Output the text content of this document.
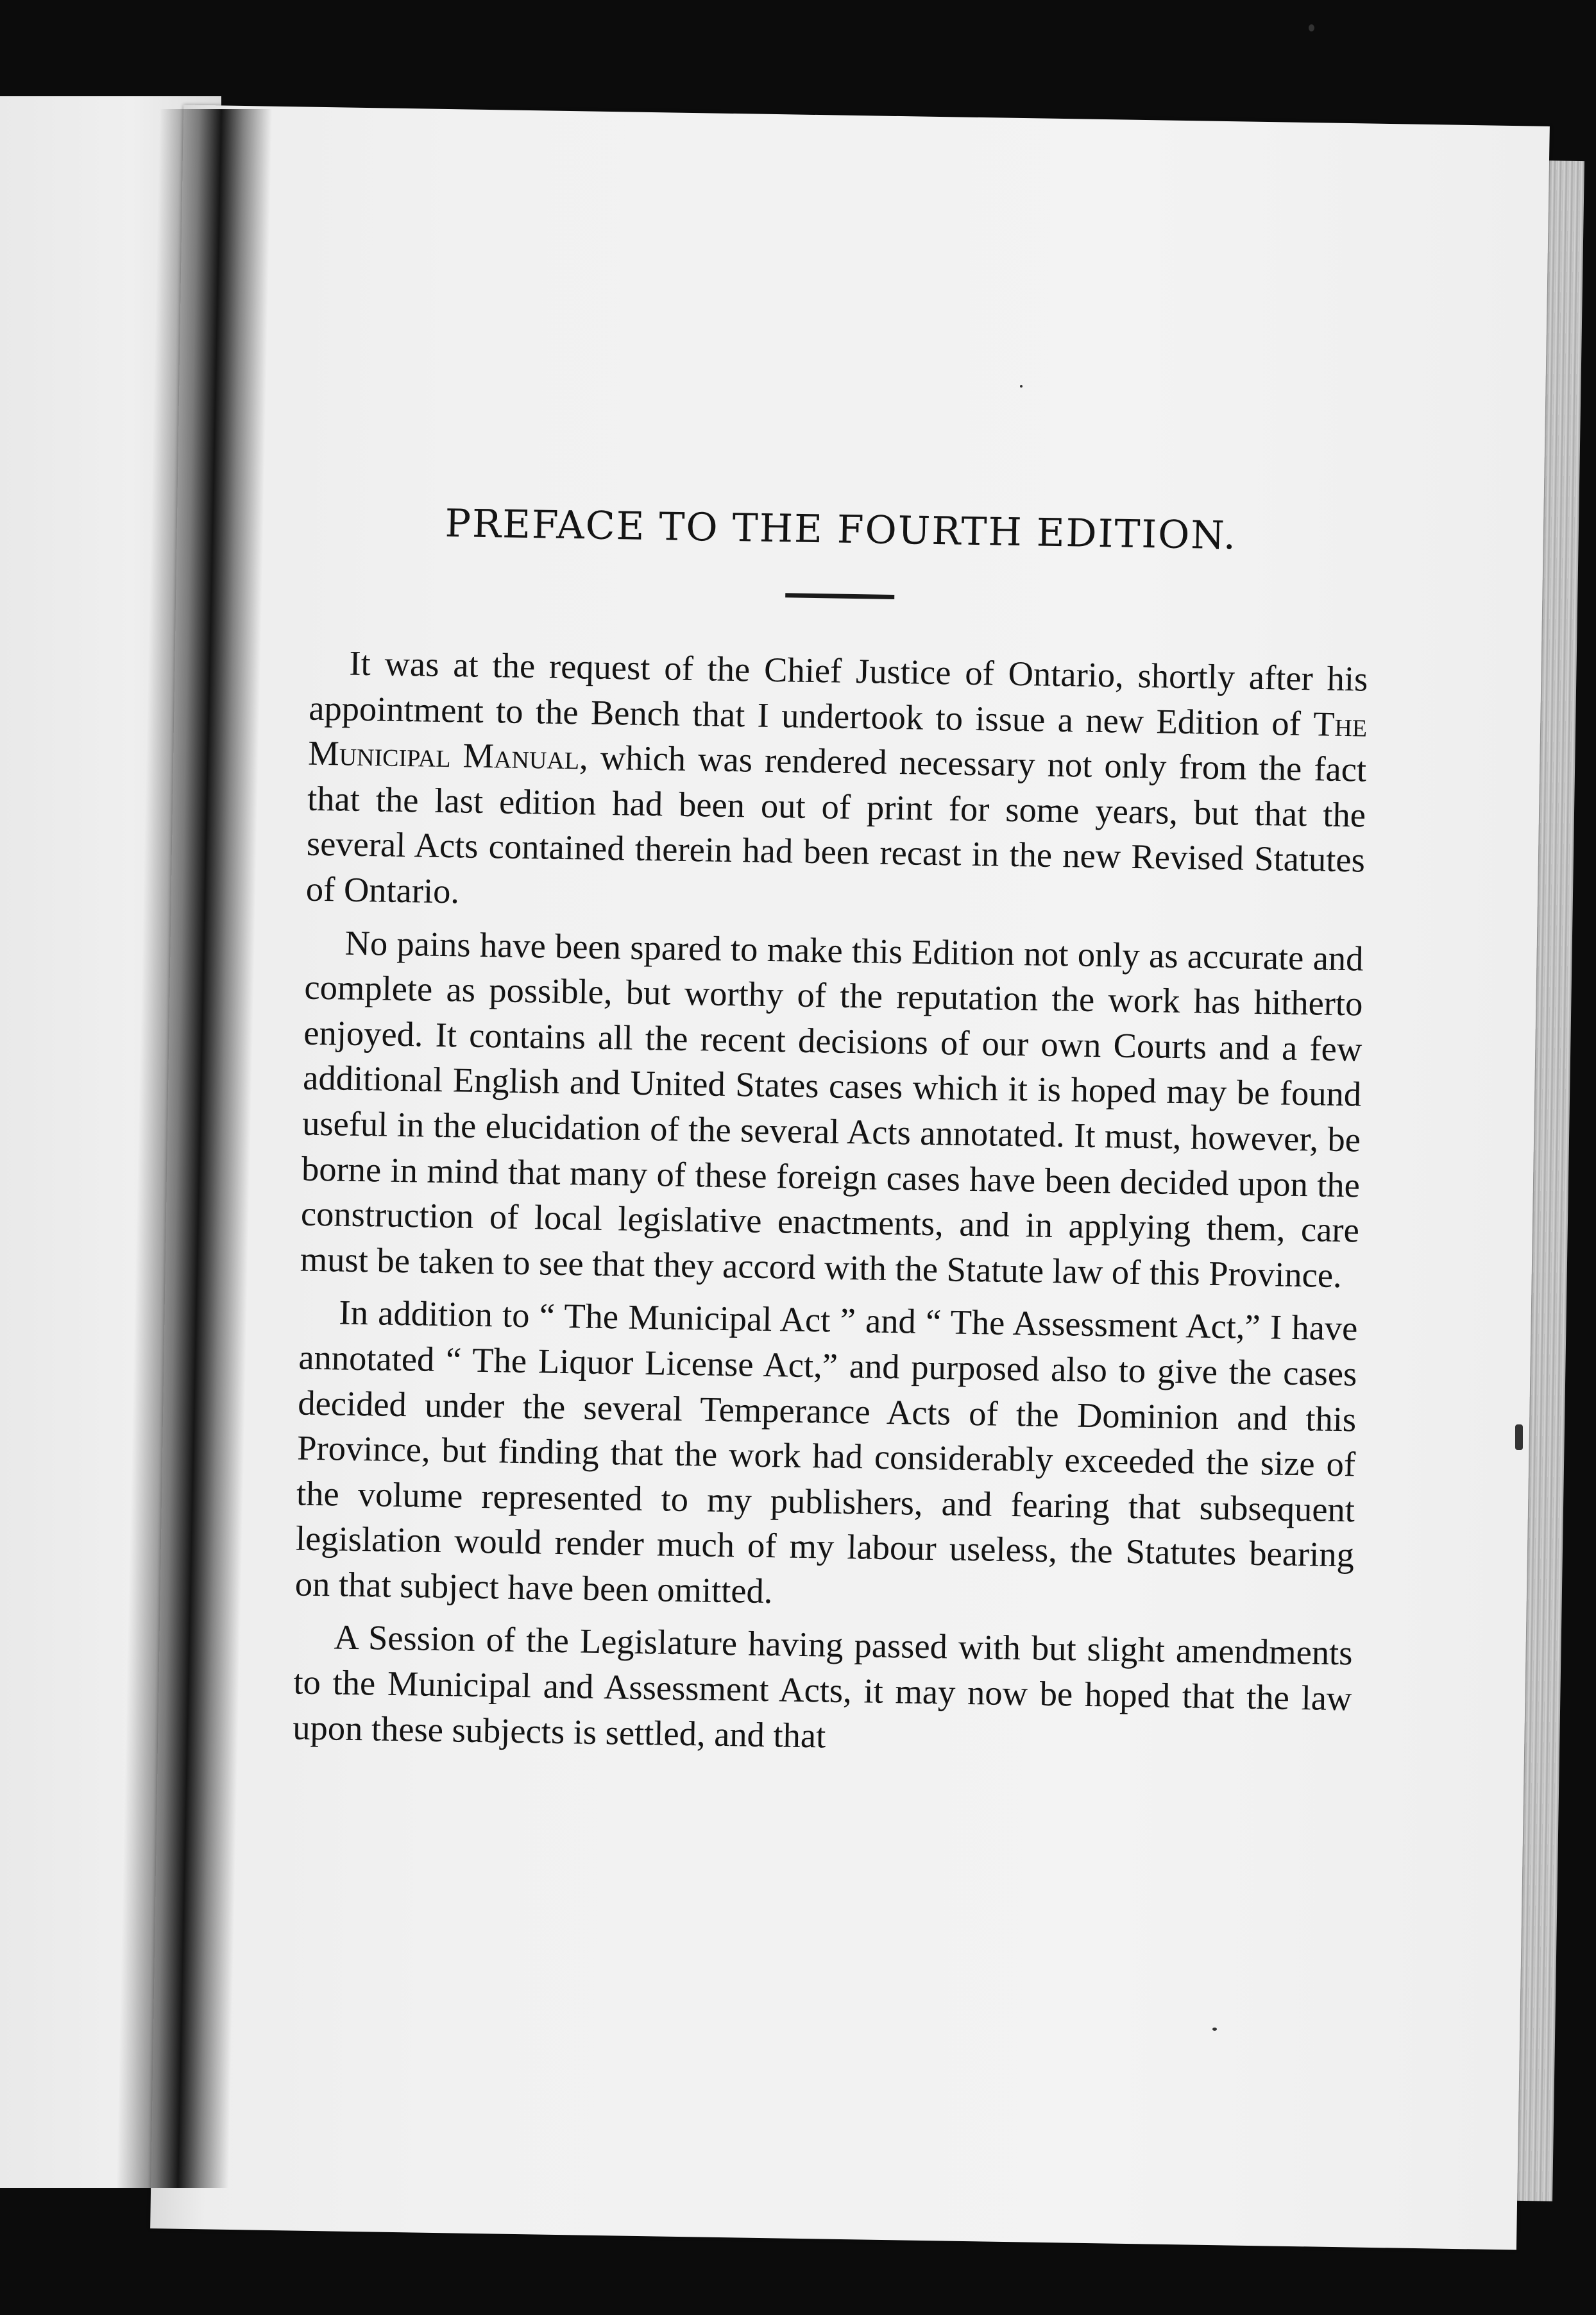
PREFACE TO THE FOURTH EDITION.

It was at the request of the Chief Justice of Ontario, shortly after his appointment to the Bench that I undertook to issue a new Edition of The Municipal Manual, which was rendered necessary not only from the fact that the last edition had been out of print for some years, but that the several Acts contained therein had been recast in the new Revised Statutes of Ontario.

No pains have been spared to make this Edition not only as accurate and complete as possible, but worthy of the reputation the work has hitherto enjoyed. It contains all the recent decisions of our own Courts and a few additional English and United States cases which it is hoped may be found useful in the elucidation of the several Acts annotated. It must, however, be borne in mind that many of these foreign cases have been decided upon the construction of local legislative enactments, and in applying them, care must be taken to see that they accord with the Statute law of this Province.

In addition to “ The Municipal Act ” and “ The Assessment Act,” I have annotated “ The Liquor License Act,” and purposed also to give the cases decided under the several Temperance Acts of the Dominion and this Province, but finding that the work had considerably exceeded the size of the volume represented to my publishers, and fearing that subsequent legislation would render much of my labour useless, the Statutes bearing on that subject have been omitted.

A Session of the Legislature having passed with but slight amendments to the Municipal and Assessment Acts, it may now be hoped that the law upon these subjects is settled, and that
